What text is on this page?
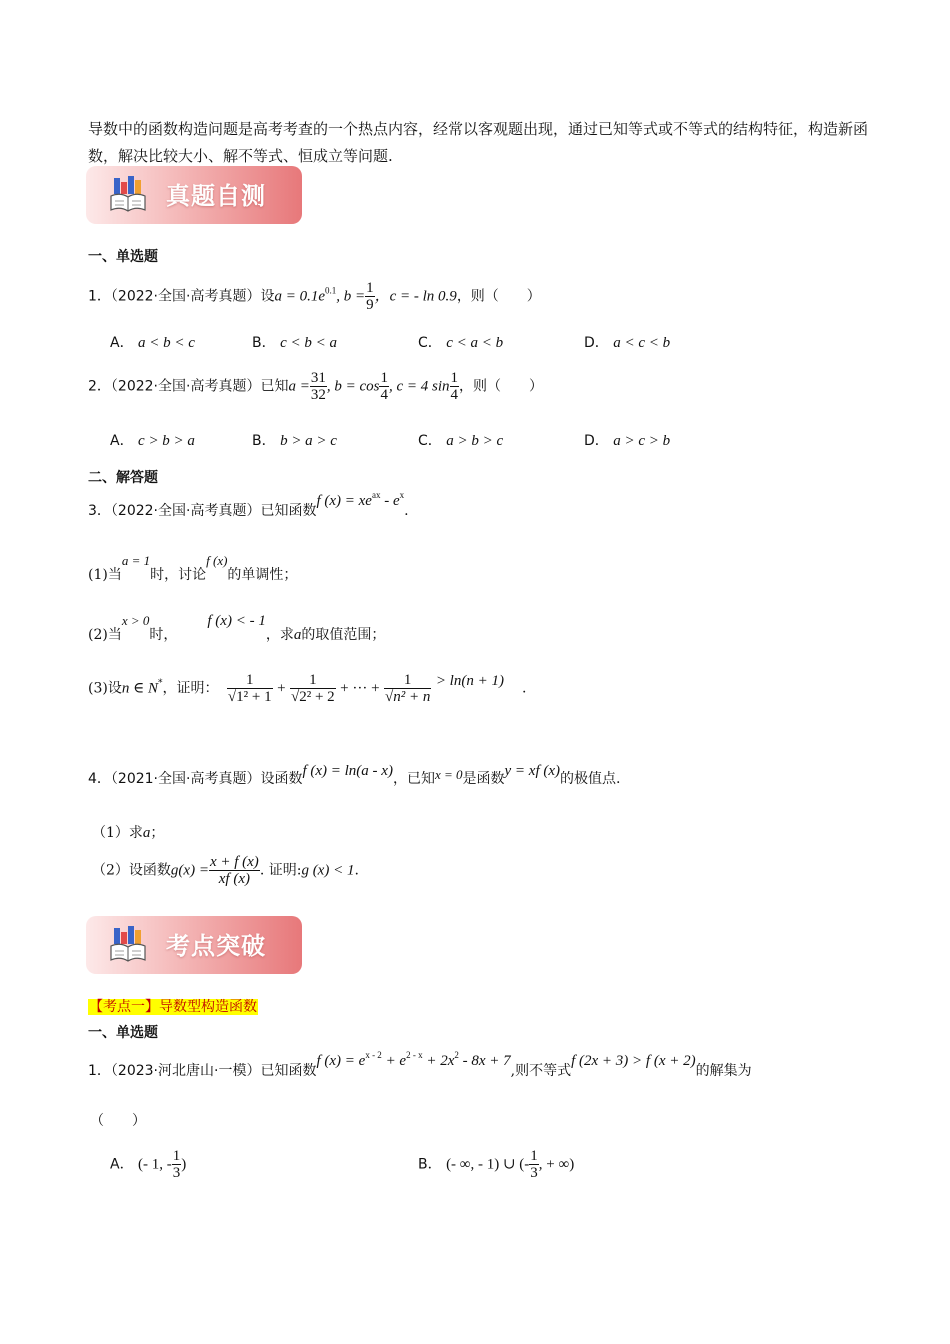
导数中的函数构造问题是高考考查的一个热点内容，经常以客观题出现，通过已知等式或不等式的结构特征，构造新函数，解决比较大小、解不等式、恒成立等问题.
真题自测
一、单选题
1．（2022·全国·高考真题）设$a = 0.1e^{0.1}$, $b = \frac{1}{9}$ ，c = - ln 0.9，则（　　）
A． a < b < c	B． c < b < a	C． c < a < b	D． a < c < b
2．（2022·全国·高考真题）已知$a = \frac{31}{32}$ , $b = \cos \frac{1}{4}$ , c = 4 $\sin \frac{1}{4}$ ，则（　　）
A． c > b > a	B． b > a > c	C． a > b > c	D． a > c > b
二、解答题
3．（2022·全国·高考真题）已知函数f $(x) = xe^{ax} - e^x$.
(1)当a = 1时，讨论f (x)的单调性；
(2)当x > 0时，f (x) < - 1，求a的取值范围；
(3)设n ∈ N*，证明： $\frac{1}{\text{√1² + 1}} + \frac{1}{\text{√2² + 2}}$ + ··· + $\frac{1}{\text{√n² + n}} > \ln(n + 1)$ .
4．（2021·全国·高考真题）设函数f (x) = ln(a - x)，已知x = 0是函数y = xf (x)的极值点.
（1）求a；
（2）设函数$g(x) = \frac{x + f (x)}{xf (x)}$ . 证明:g (x) < 1.
考点突破
【考点一】导数型构造函数
一、单选题
1．（2023·河北唐山·一模）已知函数f $(x) = e^{x - 2} + e^{2 - x} + 2x^2 - 8x + 7$,则不等式f (2x + 3) > f (x + 2)的解集为
（　　）
A． (- 1, - $\frac{1}{3}$ )	B． (- ∞, - 1) ∪ (- $\frac{1}{3}$ , + ∞)
